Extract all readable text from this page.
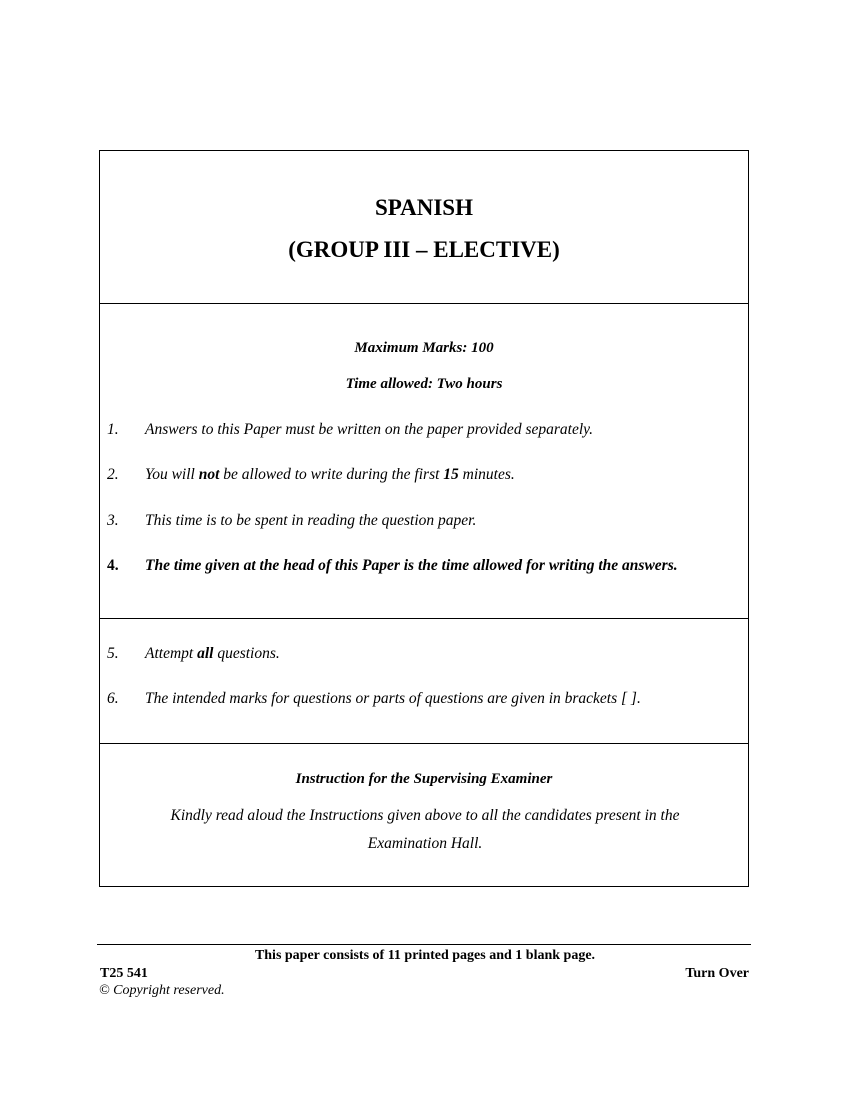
SPANISH
(GROUP III – ELECTIVE)
Maximum Marks: 100
Time allowed: Two hours
1. Answers to this Paper must be written on the paper provided separately.
2. You will not be allowed to write during the first 15 minutes.
3. This time is to be spent in reading the question paper.
4. The time given at the head of this Paper is the time allowed for writing the answers.
5. Attempt all questions.
6. The intended marks for questions or parts of questions are given in brackets [ ].
Instruction for the Supervising Examiner
Kindly read aloud the Instructions given above to all the candidates present in the Examination Hall.
This paper consists of 11 printed pages and 1 blank page.
T25 541	Turn Over
© Copyright reserved.
